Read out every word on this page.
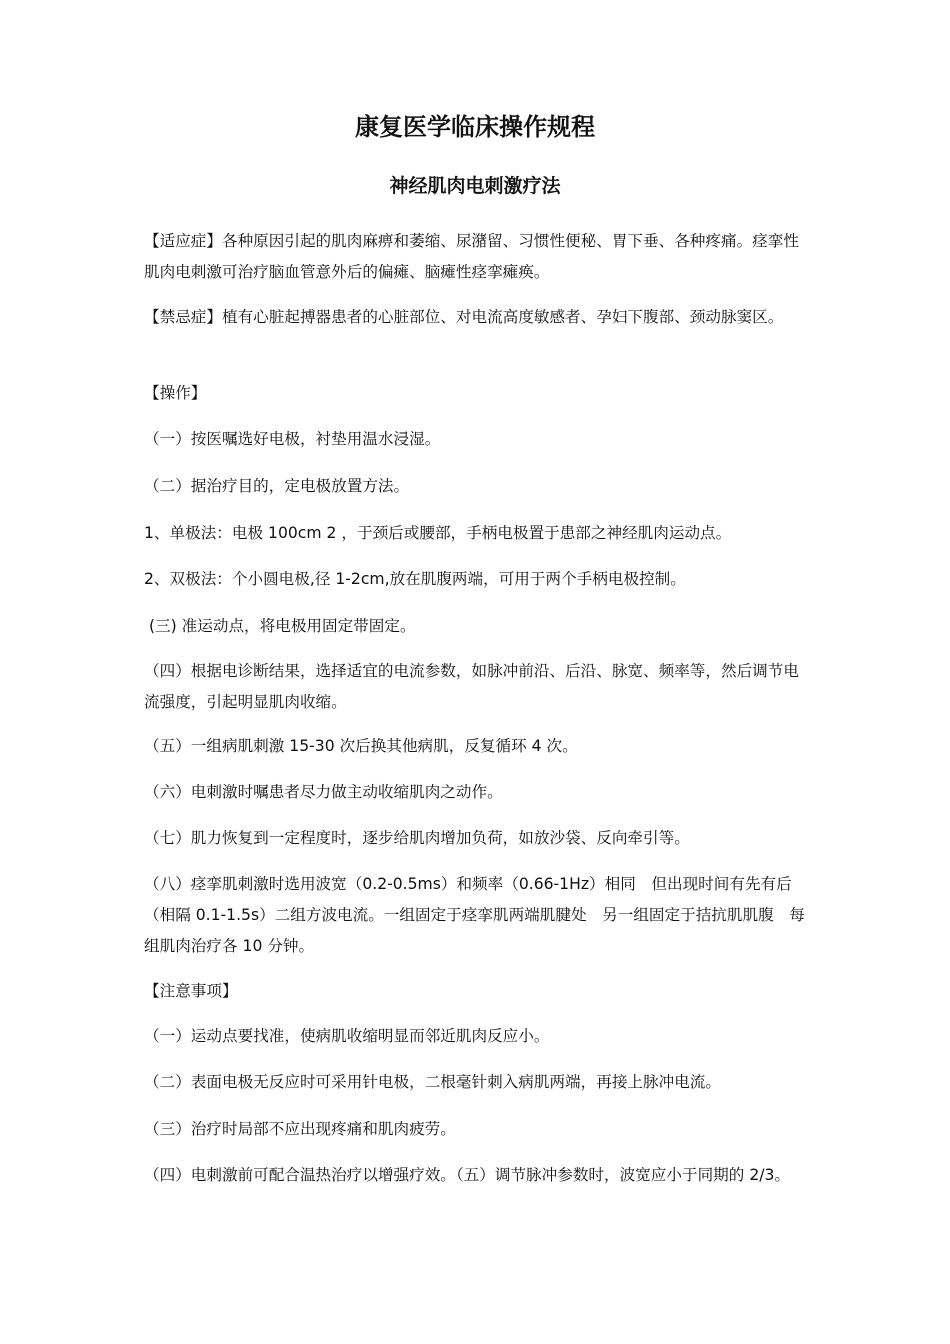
康复医学临床操作规程
神经肌肉电刺激疗法

【适应症】各种原因引起的肌肉麻痹和萎缩、尿潴留、习惯性便秘、胃下垂、各种疼痛。痉挛性肌肉电刺激可治疗脑血管意外后的偏瘫、脑瘫性痉挛瘫痪。

【禁忌症】植有心脏起搏器患者的心脏部位、对电流高度敏感者、孕妇下腹部、颈动脉窦区。

【操作】

（一）按医嘱选好电极，衬垫用温水浸湿。

（二）据治疗目的，定电极放置方法。

1、单极法：电极 100cm 2 ，于颈后或腰部，手柄电极置于患部之神经肌肉运动点。

2、双极法：个小圆电极,径 1-2cm,放在肌腹两端，可用于两个手柄电极控制。

(三) 准运动点，将电极用固定带固定。

（四）根据电诊断结果，选择适宜的电流参数，如脉冲前沿、后沿、脉宽、频率等，然后调节电流强度，引起明显肌肉收缩。

（五）一组病肌刺激 15-30 次后换其他病肌，反复循环 4 次。

（六）电刺激时嘱患者尽力做主动收缩肌肉之动作。

（七）肌力恢复到一定程度时，逐步给肌肉增加负荷，如放沙袋、反向牵引等。

（八）痉挛肌刺激时选用波宽（0.2-0.5ms）和频率（0.66-1Hz）相同　但出现时间有先有后（相隔 0.1-1.5s）二组方波电流。一组固定于痉挛肌两端肌腱处　另一组固定于拮抗肌肌腹　每组肌肉治疗各 10 分钟。

【注意事项】

（一）运动点要找准，使病肌收缩明显而邻近肌肉反应小。

（二）表面电极无反应时可采用针电极，二根毫针刺入病肌两端，再接上脉冲电流。

（三）治疗时局部不应出现疼痛和肌肉疲劳。

（四）电刺激前可配合温热治疗以增强疗效。（五）调节脉冲参数时，波宽应小于同期的 2/3。
